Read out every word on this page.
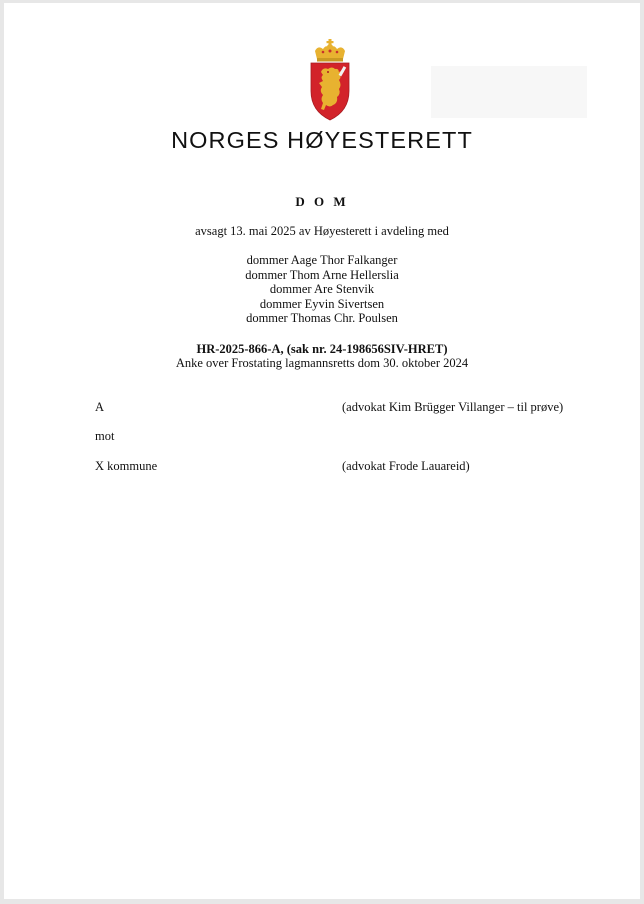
NORGES HØYESTERETT
D O M
avsagt 13. mai 2025 av Høyesterett i avdeling med
dommer Aage Thor Falkanger
dommer Thom Arne Hellerslia
dommer Are Stenvik
dommer Eyvin Sivertsen
dommer Thomas Chr. Poulsen
HR-2025-866-A, (sak nr. 24-198656SIV-HRET)
Anke over Frostating lagmannsretts dom 30. oktober 2024
A	(advokat Kim Brügger Villanger – til prøve)
mot
X kommune	(advokat Frode Lauareid)
